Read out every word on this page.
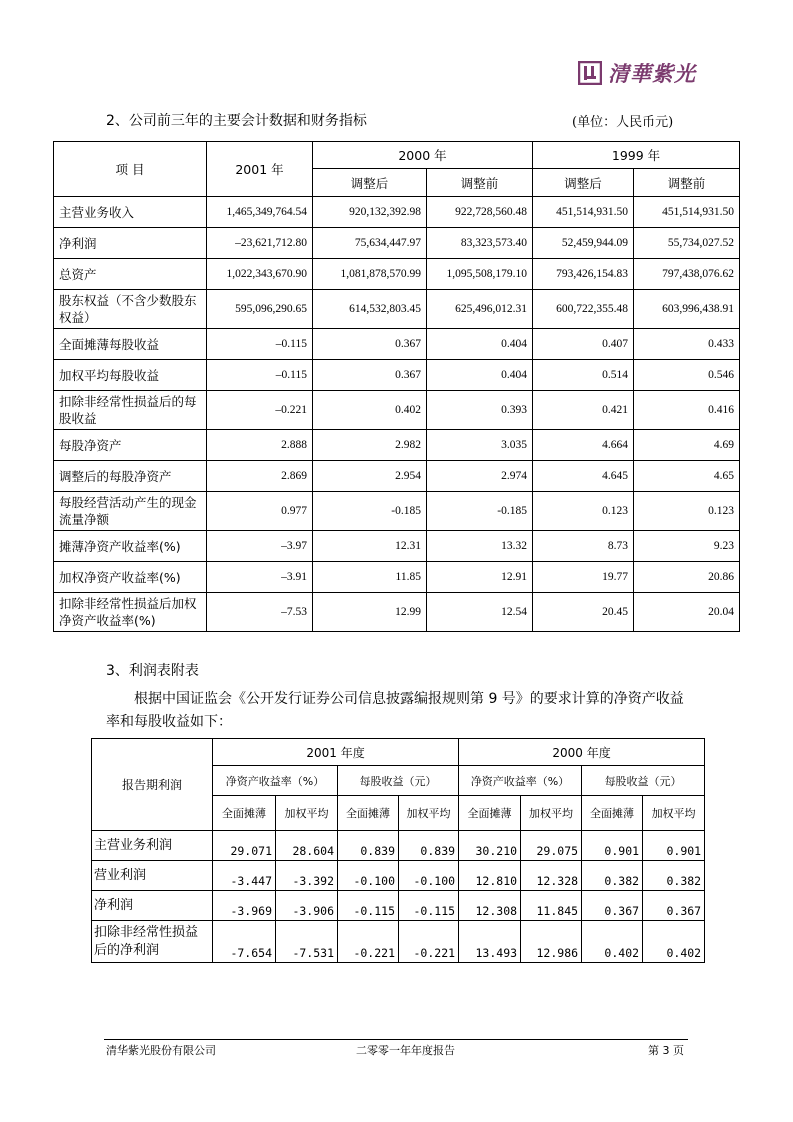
清華紫光
2、公司前三年的主要会计数据和财务指标	(单位：人民币元)
项 目	2001 年	2000 年		1999 年	
		调整后	调整前	调整后	调整前
主营业务收入	1,465,349,764.54	920,132,392.98	922,728,560.48	451,514,931.50	451,514,931.50
净利润	–23,621,712.80	75,634,447.97	83,323,573.40	52,459,944.09	55,734,027.52
总资产	1,022,343,670.90	1,081,878,570.99	1,095,508,179.10	793,426,154.83	797,438,076.62
股东权益（不含少数股东权益）	595,096,290.65	614,532,803.45	625,496,012.31	600,722,355.48	603,996,438.91
全面摊薄每股收益	–0.115	0.367	0.404	0.407	0.433
加权平均每股收益	–0.115	0.367	0.404	0.514	0.546
扣除非经常性损益后的每股收益	–0.221	0.402	0.393	0.421	0.416
每股净资产	2.888	2.982	3.035	4.664	4.69
调整后的每股净资产	2.869	2.954	2.974	4.645	4.65
每股经营活动产生的现金流量净额	0.977	-0.185	-0.185	0.123	0.123
摊薄净资产收益率(%)	–3.97	12.31	13.32	8.73	9.23
加权净资产收益率(%)	–3.91	11.85	12.91	19.77	20.86
扣除非经常性损益后加权净资产收益率(%)	–7.53	12.99	12.54	20.45	20.04
3、利润表附表
根据中国证监会《公开发行证券公司信息披露编报规则第 9 号》的要求计算的净资产收益率和每股收益如下：
报告期利润	2001 年度				2000 年度			
	净资产收益率（%）		每股收益（元）		净资产收益率（%）		每股收益（元）	
	全面摊薄	加权平均	全面摊薄	加权平均	全面摊薄	加权平均	全面摊薄	加权平均
主营业务利润	29.071	28.604	0.839	0.839	30.210	29.075	0.901	0.901
营业利润	-3.447	-3.392	-0.100	-0.100	12.810	12.328	0.382	0.382
净利润	-3.969	-3.906	-0.115	-0.115	12.308	11.845	0.367	0.367
扣除非经常性损益后的净利润	-7.654	-7.531	-0.221	-0.221	13.493	12.986	0.402	0.402
清华紫光股份有限公司	二零零一年年度报告	第 3 页
